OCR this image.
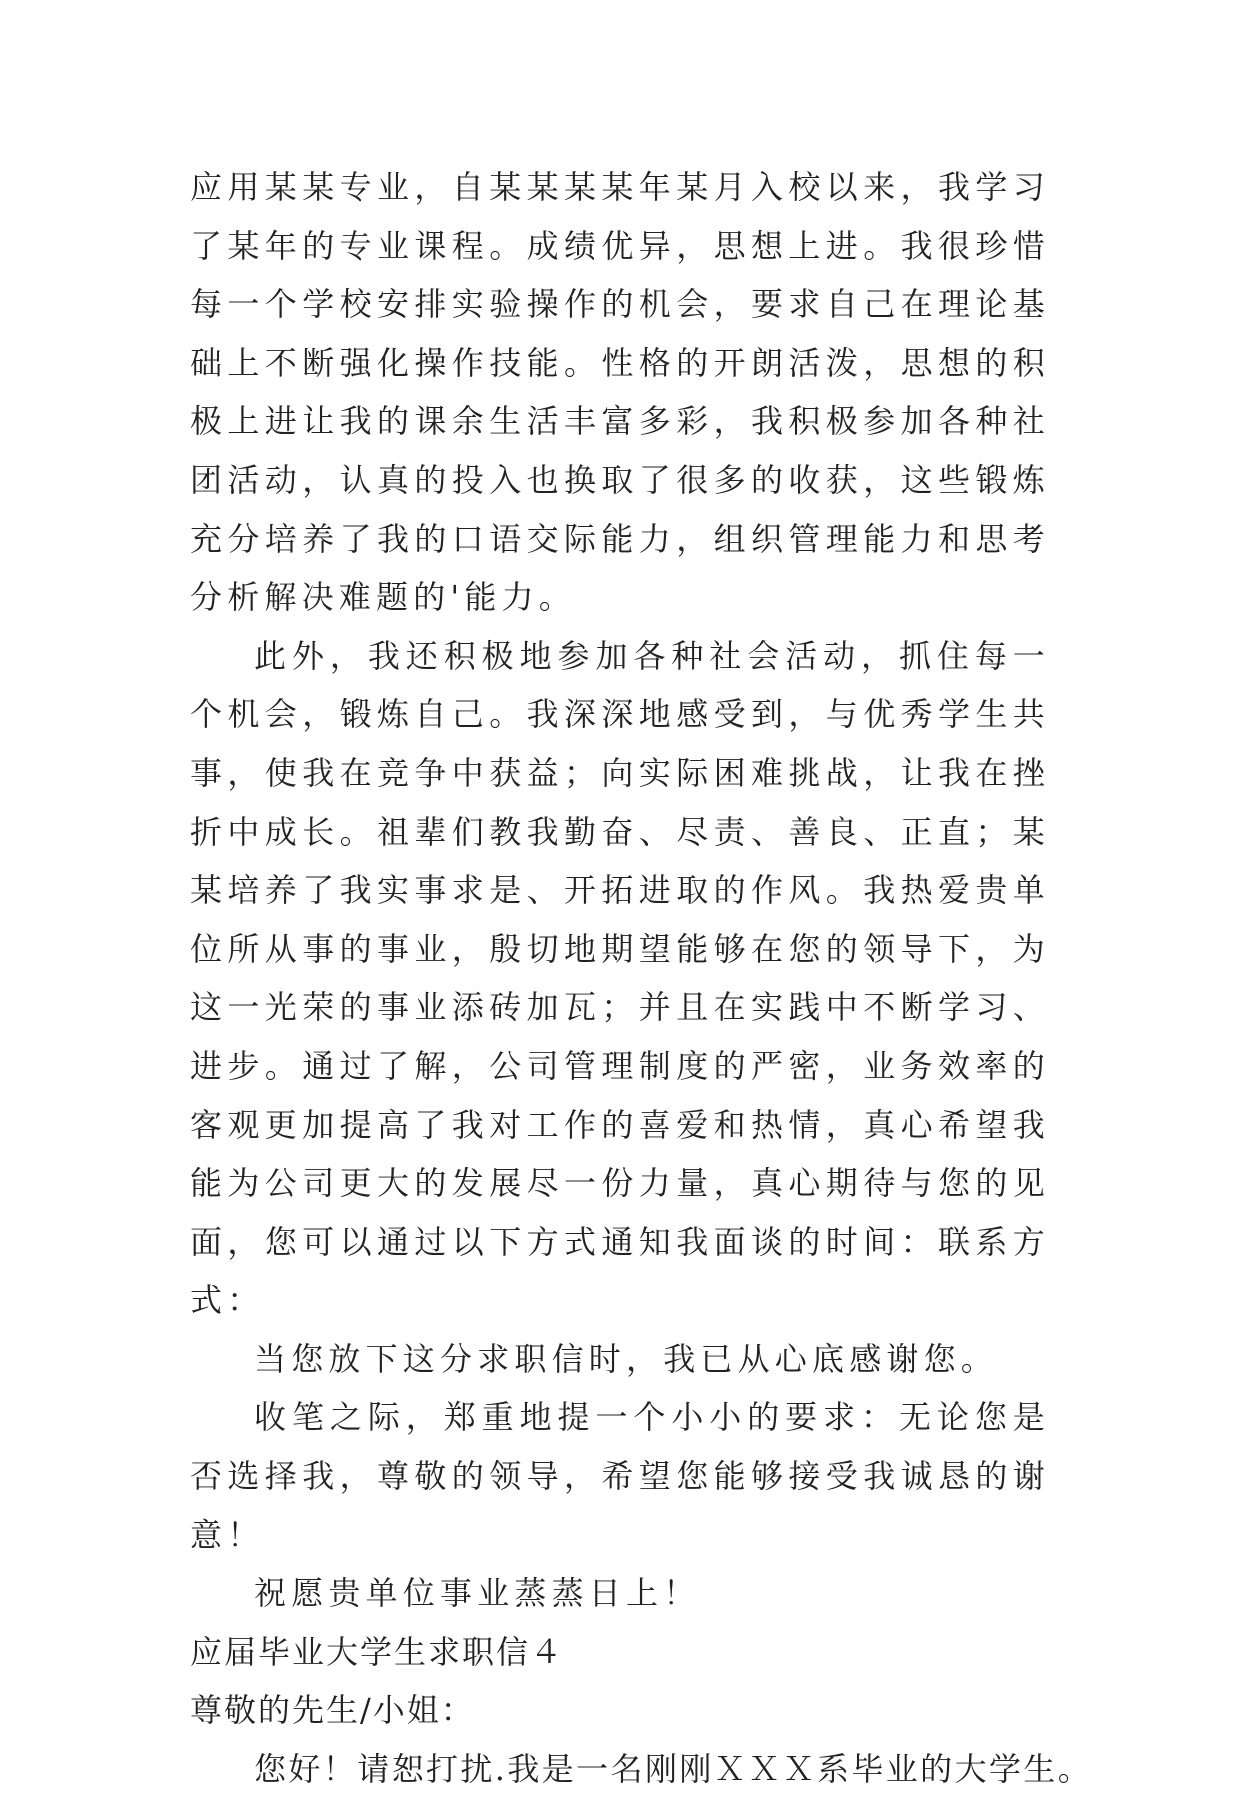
应用某某专业，自某某某某年某月入校以来，我学习了某年的专业课程。成绩优异，思想上进。我很珍惜每一个学校安排实验操作的机会，要求自己在理论基础上不断强化操作技能。性格的开朗活泼，思想的积极上进让我的课余生活丰富多彩，我积极参加各种社团活动，认真的投入也换取了很多的收获，这些锻炼充分培养了我的口语交际能力，组织管理能力和思考分析解决难题的'能力。

此外，我还积极地参加各种社会活动，抓住每一个机会，锻炼自己。我深深地感受到，与优秀学生共事，使我在竞争中获益；向实际困难挑战，让我在挫折中成长。祖辈们教我勤奋、尽责、善良、正直；某某培养了我实事求是、开拓进取的作风。我热爱贵单位所从事的事业，殷切地期望能够在您的领导下，为这一光荣的事业添砖加瓦；并且在实践中不断学习、进步。通过了解，公司管理制度的严密，业务效率的客观更加提高了我对工作的喜爱和热情，真心希望我能为公司更大的发展尽一份力量，真心期待与您的见面，您可以通过以下方式通知我面谈的时间：联系方式：

当您放下这分求职信时，我已从心底感谢您。

收笔之际，郑重地提一个小小的要求：无论您是否选择我，尊敬的领导，希望您能够接受我诚恳的谢意！

祝愿贵单位事业蒸蒸日上！

应届毕业大学生求职信４

尊敬的先生/小姐：

您好！请恕打扰.我是一名刚刚ＸＸＸ系毕业的大学生。
